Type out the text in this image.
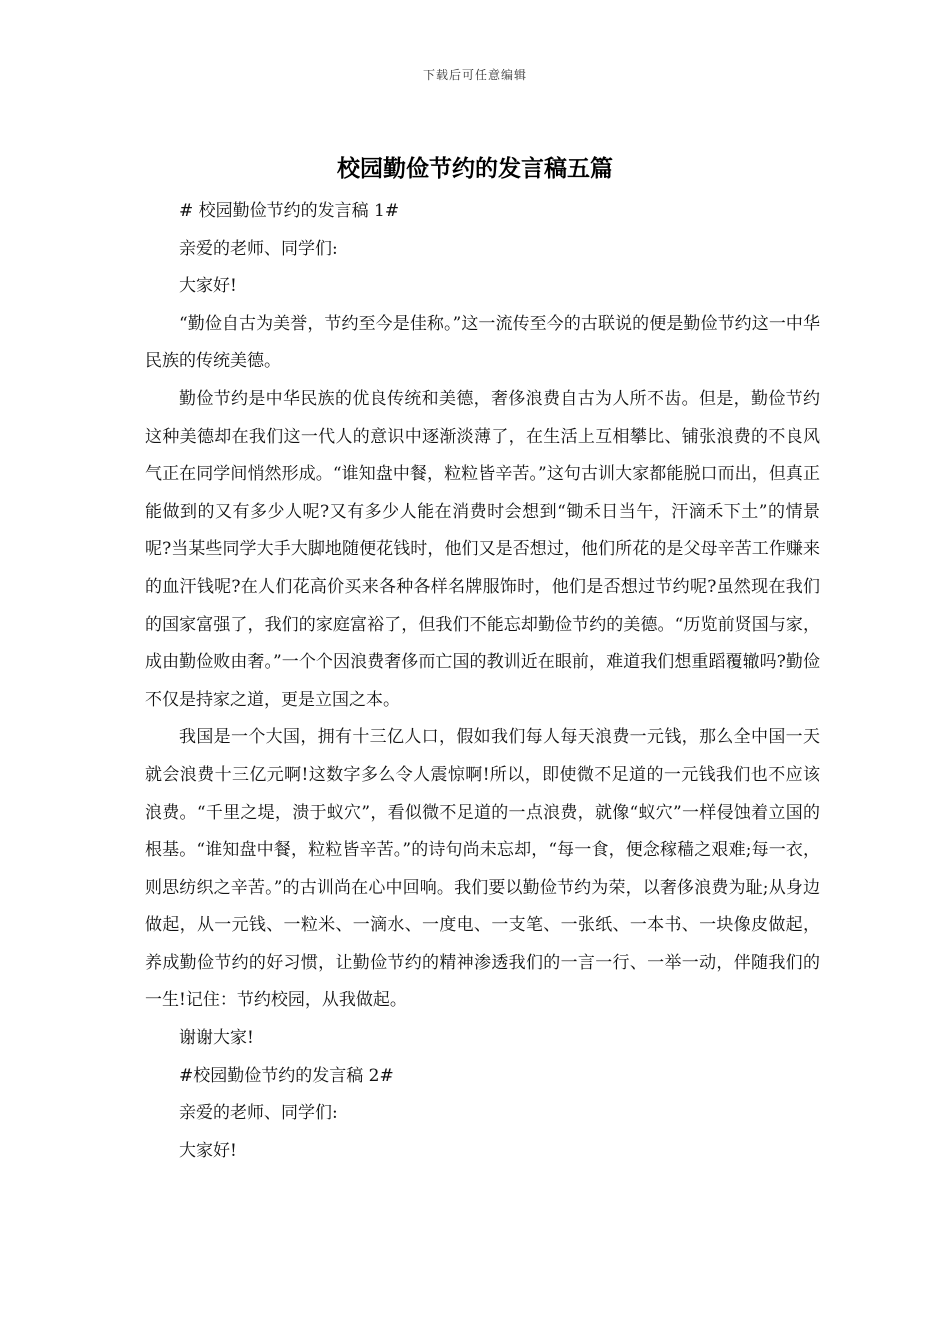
下载后可任意编辑
校园勤俭节约的发言稿五篇

# 校园勤俭节约的发言稿 1#

亲爱的老师、同学们:

大家好!

“勤俭自古为美誉，节约至今是佳称。”这一流传至今的古联说的便是勤俭节约这一中华民族的传统美德。

勤俭节约是中华民族的优良传统和美德，奢侈浪费自古为人所不齿。但是，勤俭节约这种美德却在我们这一代人的意识中逐渐淡薄了，在生活上互相攀比、铺张浪费的不良风气正在同学间悄然形成。“谁知盘中餐，粒粒皆辛苦。”这句古训大家都能脱口而出，但真正能做到的又有多少人呢?又有多少人能在消费时会想到“锄禾日当午，汗滴禾下土”的情景呢?当某些同学大手大脚地随便花钱时，他们又是否想过，他们所花的是父母辛苦工作赚来的血汗钱呢?在人们花高价买来各种各样名牌服饰时，他们是否想过节约呢?虽然现在我们的国家富强了，我们的家庭富裕了，但我们不能忘却勤俭节约的美德。“历览前贤国与家，成由勤俭败由奢。”一个个因浪费奢侈而亡国的教训近在眼前，难道我们想重蹈覆辙吗?勤俭不仅是持家之道，更是立国之本。

我国是一个大国，拥有十三亿人口，假如我们每人每天浪费一元钱，那么全中国一天就会浪费十三亿元啊!这数字多么令人震惊啊!所以，即使微不足道的一元钱我们也不应该浪费。“千里之堤，溃于蚁穴”，看似微不足道的一点浪费，就像“蚁穴”一样侵蚀着立国的根基。“谁知盘中餐，粒粒皆辛苦。”的诗句尚未忘却，“每一食，便念稼穑之艰难;每一衣，则思纺织之辛苦。”的古训尚在心中回响。我们要以勤俭节约为荣，以奢侈浪费为耻;从身边做起，从一元钱、一粒米、一滴水、一度电、一支笔、一张纸、一本书、一块像皮做起，养成勤俭节约的好习惯，让勤俭节约的精神渗透我们的一言一行、一举一动，伴随我们的一生!记住：节约校园，从我做起。

谢谢大家!

#校园勤俭节约的发言稿 2#

亲爱的老师、同学们:

大家好!
